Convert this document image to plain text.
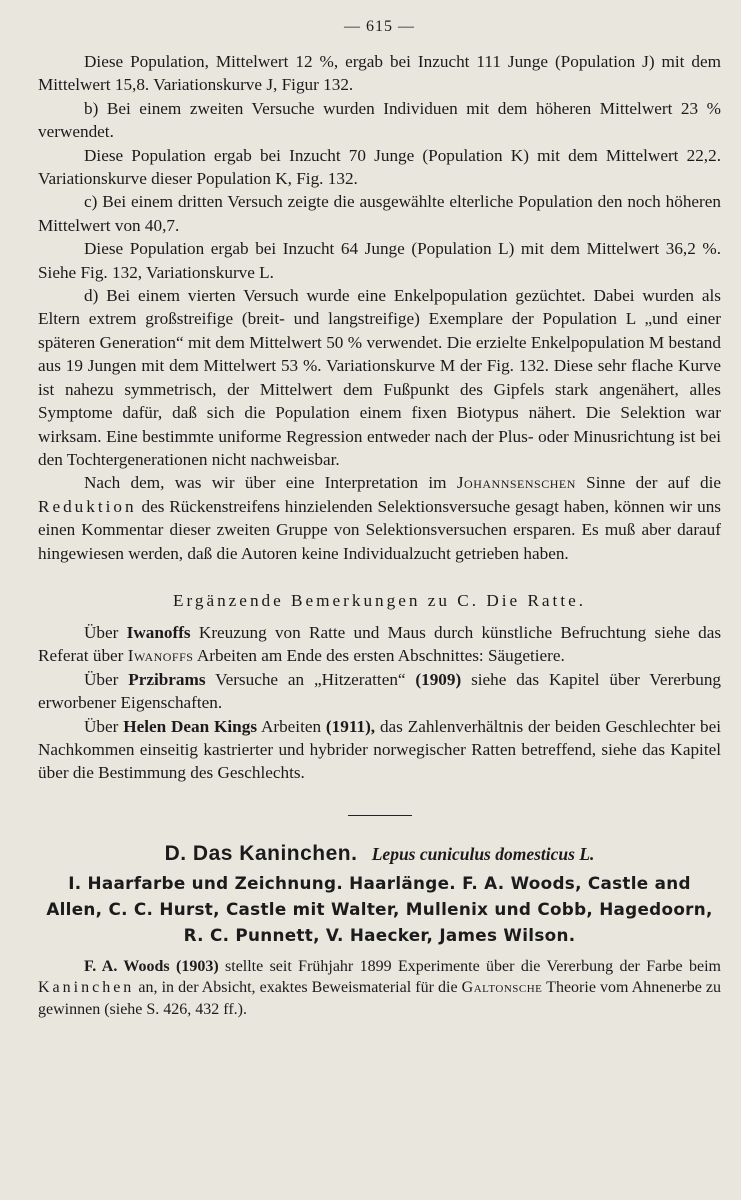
— 615 —

Diese Population, Mittelwert 12 %, ergab bei Inzucht 111 Junge (Population J) mit dem Mittelwert 15,8. Variationskurve J, Figur 132.

b) Bei einem zweiten Versuche wurden Individuen mit dem höheren Mittelwert 23 % verwendet.

Diese Population ergab bei Inzucht 70 Junge (Population K) mit dem Mittelwert 22,2. Variationskurve dieser Population K, Fig. 132.

c) Bei einem dritten Versuch zeigte die ausgewählte elterliche Population den noch höheren Mittelwert von 40,7.

Diese Population ergab bei Inzucht 64 Junge (Population L) mit dem Mittelwert 36,2 %. Siehe Fig. 132, Variationskurve L.

d) Bei einem vierten Versuch wurde eine Enkelpopulation gezüchtet. Dabei wurden als Eltern extrem großstreifige (breit- und langstreifige) Exemplare der Population L „und einer späteren Generation“ mit dem Mittelwert 50 % verwendet. Die erzielte Enkelpopulation M bestand aus 19 Jungen mit dem Mittelwert 53 %. Variationskurve M der Fig. 132. Diese sehr flache Kurve ist nahezu symmetrisch, der Mittelwert dem Fußpunkt des Gipfels stark angenähert, alles Symptome dafür, daß sich die Population einem fixen Biotypus nähert. Die Selektion war wirksam. Eine bestimmte uniforme Regression entweder nach der Plus- oder Minusrichtung ist bei den Tochtergenerationen nicht nachweisbar.

Nach dem, was wir über eine Interpretation im Johannsenschen Sinne der auf die Reduktion des Rückenstreifens hinzielenden Selektionsversuche gesagt haben, können wir uns einen Kommentar dieser zweiten Gruppe von Selektionsversuchen ersparen. Es muß aber darauf hingewiesen werden, daß die Autoren keine Individualzucht getrieben haben.

Ergänzende Bemerkungen zu C. Die Ratte.

Über Iwanoffs Kreuzung von Ratte und Maus durch künstliche Befruchtung siehe das Referat über Iwanoffs Arbeiten am Ende des ersten Abschnittes: Säugetiere.

Über Przibrams Versuche an „Hitzeratten“ (1909) siehe das Kapitel über Vererbung erworbener Eigenschaften.

Über Helen Dean Kings Arbeiten (1911), das Zahlenverhältnis der beiden Geschlechter bei Nachkommen einseitig kastrierter und hybrider norwegischer Ratten betreffend, siehe das Kapitel über die Bestimmung des Geschlechts.

D. Das Kaninchen. Lepus cuniculus domesticus L.
I. Haarfarbe und Zeichnung. Haarlänge. F. A. Woods, Castle and Allen, C. C. Hurst, Castle mit Walter, Mullenix und Cobb, Hagedoorn, R. C. Punnett, V. Haecker, James Wilson.

F. A. Woods (1903) stellte seit Frühjahr 1899 Experimente über die Vererbung der Farbe beim Kaninchen an, in der Absicht, exaktes Beweismaterial für die Galtonsche Theorie vom Ahnenerbe zu gewinnen (siehe S. 426, 432 ff.).
